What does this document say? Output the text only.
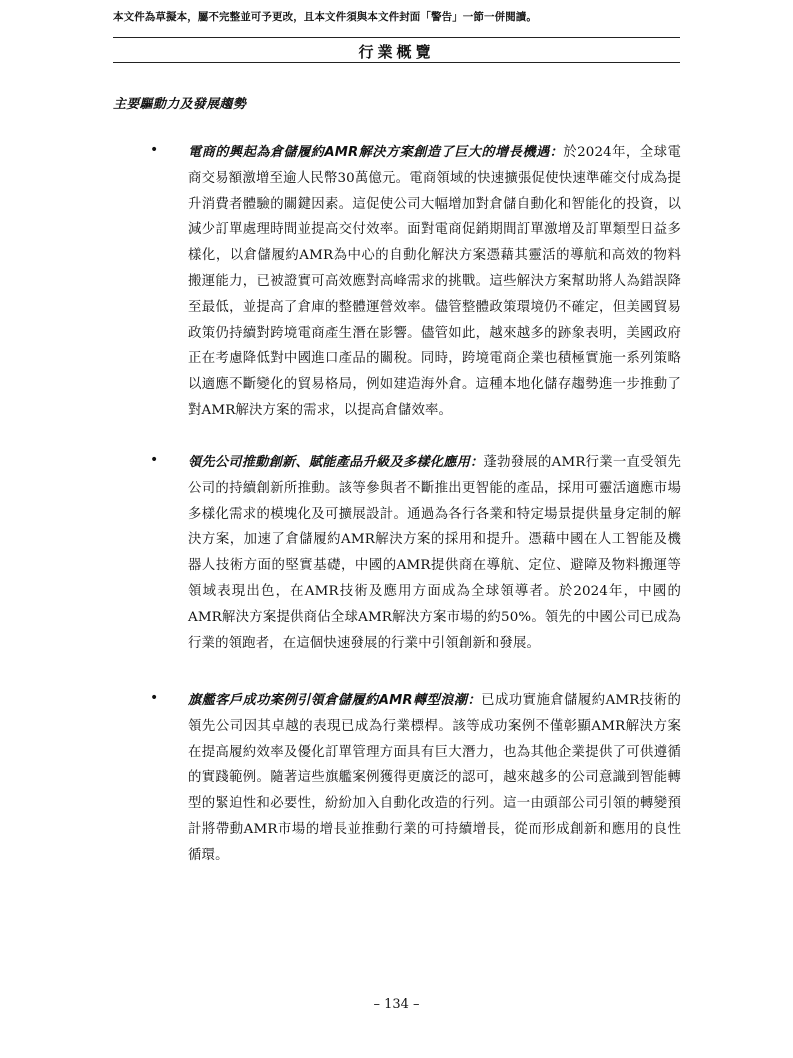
本文件為草擬本，屬不完整並可予更改，且本文件須與本文件封面「警告」一節一併閱讀。
行業概覽
主要驅動力及發展趨勢
• 電商的興起為倉儲履約AMR解決方案創造了巨大的增長機遇：於2024年，全球電商交易額激增至逾人民幣30萬億元。電商領域的快速擴張促使快速準確交付成為提升消費者體驗的關鍵因素。這促使公司大幅增加對倉儲自動化和智能化的投資，以減少訂單處理時間並提高交付效率。面對電商促銷期間訂單激增及訂單類型日益多樣化，以倉儲履約AMR為中心的自動化解決方案憑藉其靈活的導航和高效的物料搬運能力，已被證實可高效應對高峰需求的挑戰。這些解決方案幫助將人為錯誤降至最低，並提高了倉庫的整體運營效率。儘管整體政策環境仍不確定，但美國貿易政策仍持續對跨境電商產生潛在影響。儘管如此，越來越多的跡象表明，美國政府正在考慮降低對中國進口產品的關稅。同時，跨境電商企業也積極實施一系列策略以適應不斷變化的貿易格局，例如建造海外倉。這種本地化儲存趨勢進一步推動了對AMR解決方案的需求，以提高倉儲效率。
• 領先公司推動創新、賦能產品升級及多樣化應用：蓬勃發展的AMR行業一直受領先公司的持續創新所推動。該等參與者不斷推出更智能的產品，採用可靈活適應市場多樣化需求的模塊化及可擴展設計。通過為各行各業和特定場景提供量身定制的解決方案，加速了倉儲履約AMR解決方案的採用和提升。憑藉中國在人工智能及機器人技術方面的堅實基礎，中國的AMR提供商在導航、定位、避障及物料搬運等領域表現出色，在AMR技術及應用方面成為全球領導者。於2024年，中國的AMR解決方案提供商佔全球AMR解決方案市場的約50%。領先的中國公司已成為行業的領跑者，在這個快速發展的行業中引領創新和發展。
• 旗艦客戶成功案例引領倉儲履約AMR轉型浪潮：已成功實施倉儲履約AMR技術的領先公司因其卓越的表現已成為行業標桿。該等成功案例不僅彰顯AMR解決方案在提高履約效率及優化訂單管理方面具有巨大潛力，也為其他企業提供了可供遵循的實踐範例。隨著這些旗艦案例獲得更廣泛的認可，越來越多的公司意識到智能轉型的緊迫性和必要性，紛紛加入自動化改造的行列。這一由頭部公司引領的轉變預計將帶動AMR市場的增長並推動行業的可持續增長，從而形成創新和應用的良性循環。
– 134 –
